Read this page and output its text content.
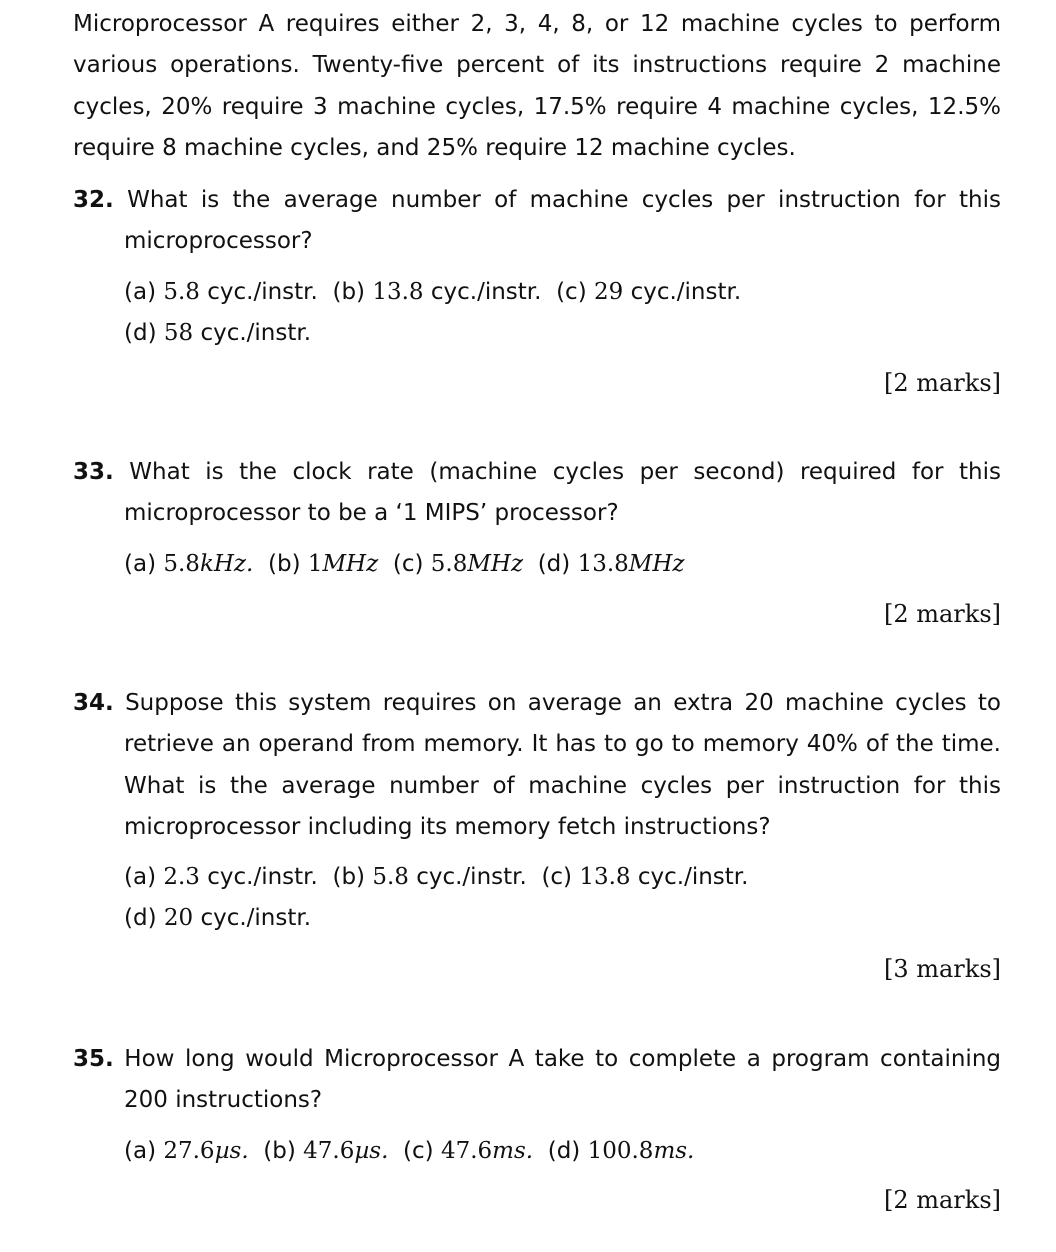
Microprocessor A requires either 2, 3, 4, 8, or 12 machine cycles to perform various operations. Twenty-five percent of its instructions require 2 machine cycles, 20% require 3 machine cycles, 17.5% require 4 machine cycles, 12.5% require 8 machine cycles, and 25% require 12 machine cycles.
32. What is the average number of machine cycles per instruction for this microprocessor?
(a) 5.8 cyc./instr. (b) 13.8 cyc./instr. (c) 29 cyc./instr.
(d) 58 cyc./instr.
[2 marks]
33. What is the clock rate (machine cycles per second) required for this microprocessor to be a ‘1 MIPS’ processor?
(a) 5.8kHz. (b) 1MHz (c) 5.8MHz (d) 13.8MHz
[2 marks]
34. Suppose this system requires on average an extra 20 machine cycles to retrieve an operand from memory. It has to go to memory 40% of the time. What is the average number of machine cycles per instruction for this microprocessor including its memory fetch instructions?
(a) 2.3 cyc./instr. (b) 5.8 cyc./instr. (c) 13.8 cyc./instr.
(d) 20 cyc./instr.
[3 marks]
35. How long would Microprocessor A take to complete a program containing 200 instructions?
(a) 27.6µs. (b) 47.6µs. (c) 47.6ms. (d) 100.8ms.
[2 marks]
